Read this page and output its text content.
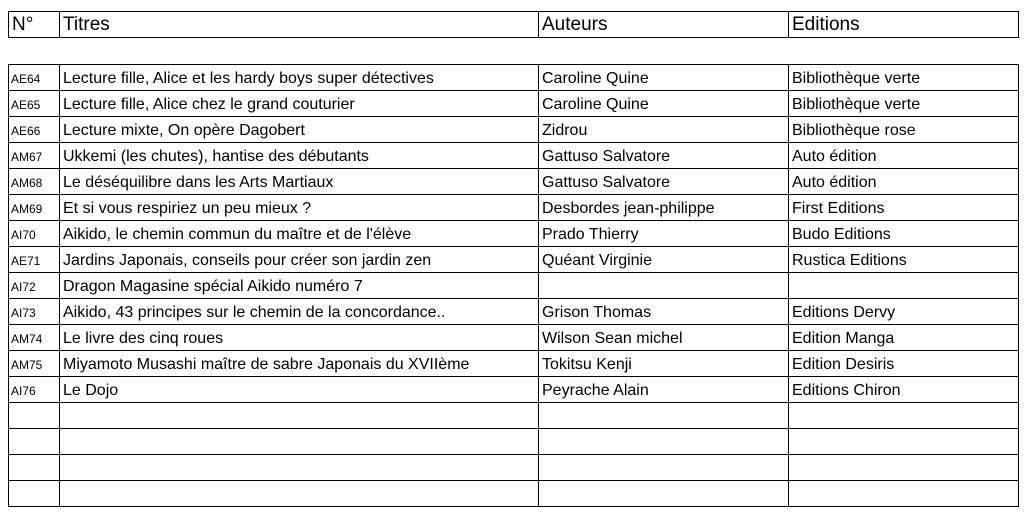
N°	Titres	Auteurs	Editions
AE64	Lecture fille, Alice et les hardy boys super détectives	Caroline Quine	Bibliothèque verte
AE65	Lecture fille, Alice chez le grand couturier	Caroline Quine	Bibliothèque verte
AE66	Lecture mixte, On opère Dagobert	Zidrou	Bibliothèque rose
AM67	Ukkemi (les chutes), hantise des débutants	Gattuso Salvatore	Auto édition
AM68	Le déséquilibre dans les Arts Martiaux	Gattuso Salvatore	Auto édition
AM69	Et si vous respiriez un peu mieux ?	Desbordes jean-philippe	First Editions
AI70	Aikido, le chemin commun du maître et de l'élève	Prado Thierry	Budo Editions
AE71	Jardins Japonais, conseils pour créer son jardin zen	Quéant Virginie	Rustica Editions
AI72	Dragon Magasine spécial Aikido numéro 7		
AI73	Aikido, 43 principes sur le chemin de la concordance..	Grison Thomas	Editions Dervy
AM74	Le livre des cinq roues	Wilson Sean michel	Edition Manga
AM75	Miyamoto Musashi maître de sabre Japonais du XVIIème	Tokitsu Kenji	Edition Desiris
AI76	Le Dojo	Peyrache Alain	Editions Chiron
